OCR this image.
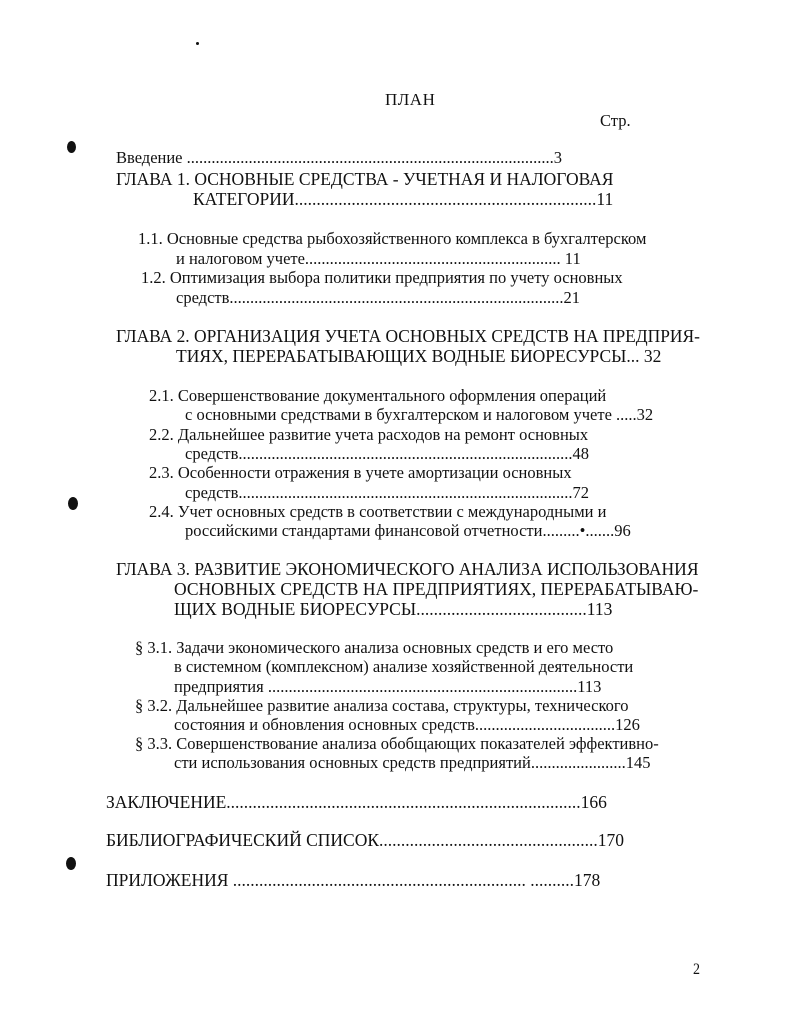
ПЛАН
Стр.
Введение .........................................................................................3
ГЛАВА 1. ОСНОВНЫЕ СРЕДСТВА - УЧЕТНАЯ И НАЛОГОВАЯ
КАТЕГОРИИ.....................................................................11
1.1. Основные средства рыбохозяйственного комплекса в бухгалтерском
и налоговом учете.............................................................. 11
1.2. Оптимизация выбора политики предприятия по учету основных
средств.................................................................................21
ГЛАВА 2. ОРГАНИЗАЦИЯ УЧЕТА ОСНОВНЫХ СРЕДСТВ НА ПРЕДПРИЯ-
ТИЯХ, ПЕРЕРАБАТЫВАЮЩИХ ВОДНЫЕ БИОРЕСУРСЫ... 32
2.1. Совершенствование документального оформления операций
с основными средствами в бухгалтерском и налоговом учете .....32
2.2. Дальнейшее развитие учета расходов на ремонт основных
средств.................................................................................48
2.3. Особенности отражения в учете амортизации основных
средств.................................................................................72
2.4. Учет основных средств в соответствии с международными и
российскими стандартами финансовой отчетности.........•.......96
ГЛАВА 3. РАЗВИТИЕ ЭКОНОМИЧЕСКОГО АНАЛИЗА ИСПОЛЬЗОВАНИЯ
ОСНОВНЫХ СРЕДСТВ НА ПРЕДПРИЯТИЯХ, ПЕРЕРАБАТЫВАЮ-
ЩИХ ВОДНЫЕ БИОРЕСУРСЫ.......................................113
§ 3.1. Задачи экономического анализа основных средств и его место
в системном (комплексном) анализе хозяйственной деятельности
предприятия ...........................................................................113
§ 3.2. Дальнейшее развитие анализа состава, структуры, технического
состояния и обновления основных средств..................................126
§ 3.3. Совершенствование анализа обобщающих показателей эффективно-
сти использования основных средств предприятий.......................145
ЗАКЛЮЧЕНИЕ.................................................................................166
БИБЛИОГРАФИЧЕСКИЙ СПИСОК..................................................170
ПРИЛОЖЕНИЯ ................................................................... ..........178
2
